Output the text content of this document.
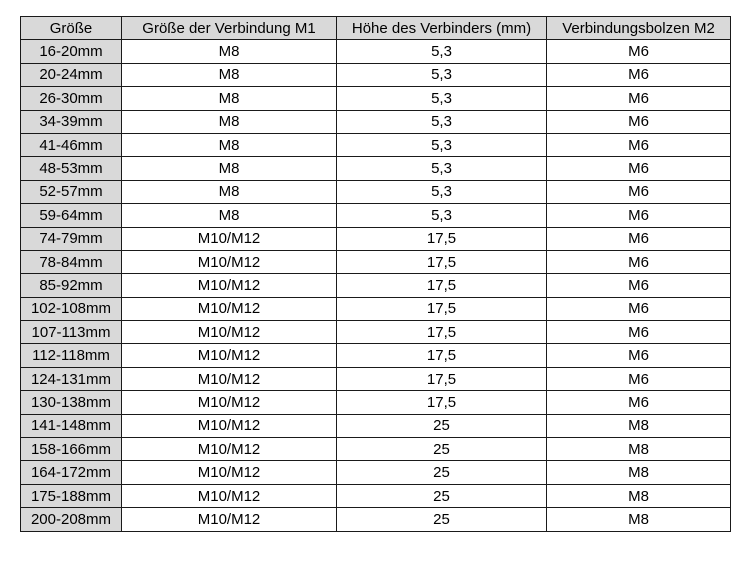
Größe	Größe der Verbindung M1	Höhe des Verbinders (mm)	Verbindungsbolzen M2
16-20mm	M8	5,3	M6
20-24mm	M8	5,3	M6
26-30mm	M8	5,3	M6
34-39mm	M8	5,3	M6
41-46mm	M8	5,3	M6
48-53mm	M8	5,3	M6
52-57mm	M8	5,3	M6
59-64mm	M8	5,3	M6
74-79mm	M10/M12	17,5	M6
78-84mm	M10/M12	17,5	M6
85-92mm	M10/M12	17,5	M6
102-108mm	M10/M12	17,5	M6
107-113mm	M10/M12	17,5	M6
112-118mm	M10/M12	17,5	M6
124-131mm	M10/M12	17,5	M6
130-138mm	M10/M12	17,5	M6
141-148mm	M10/M12	25	M8
158-166mm	M10/M12	25	M8
164-172mm	M10/M12	25	M8
175-188mm	M10/M12	25	M8
200-208mm	M10/M12	25	M8
